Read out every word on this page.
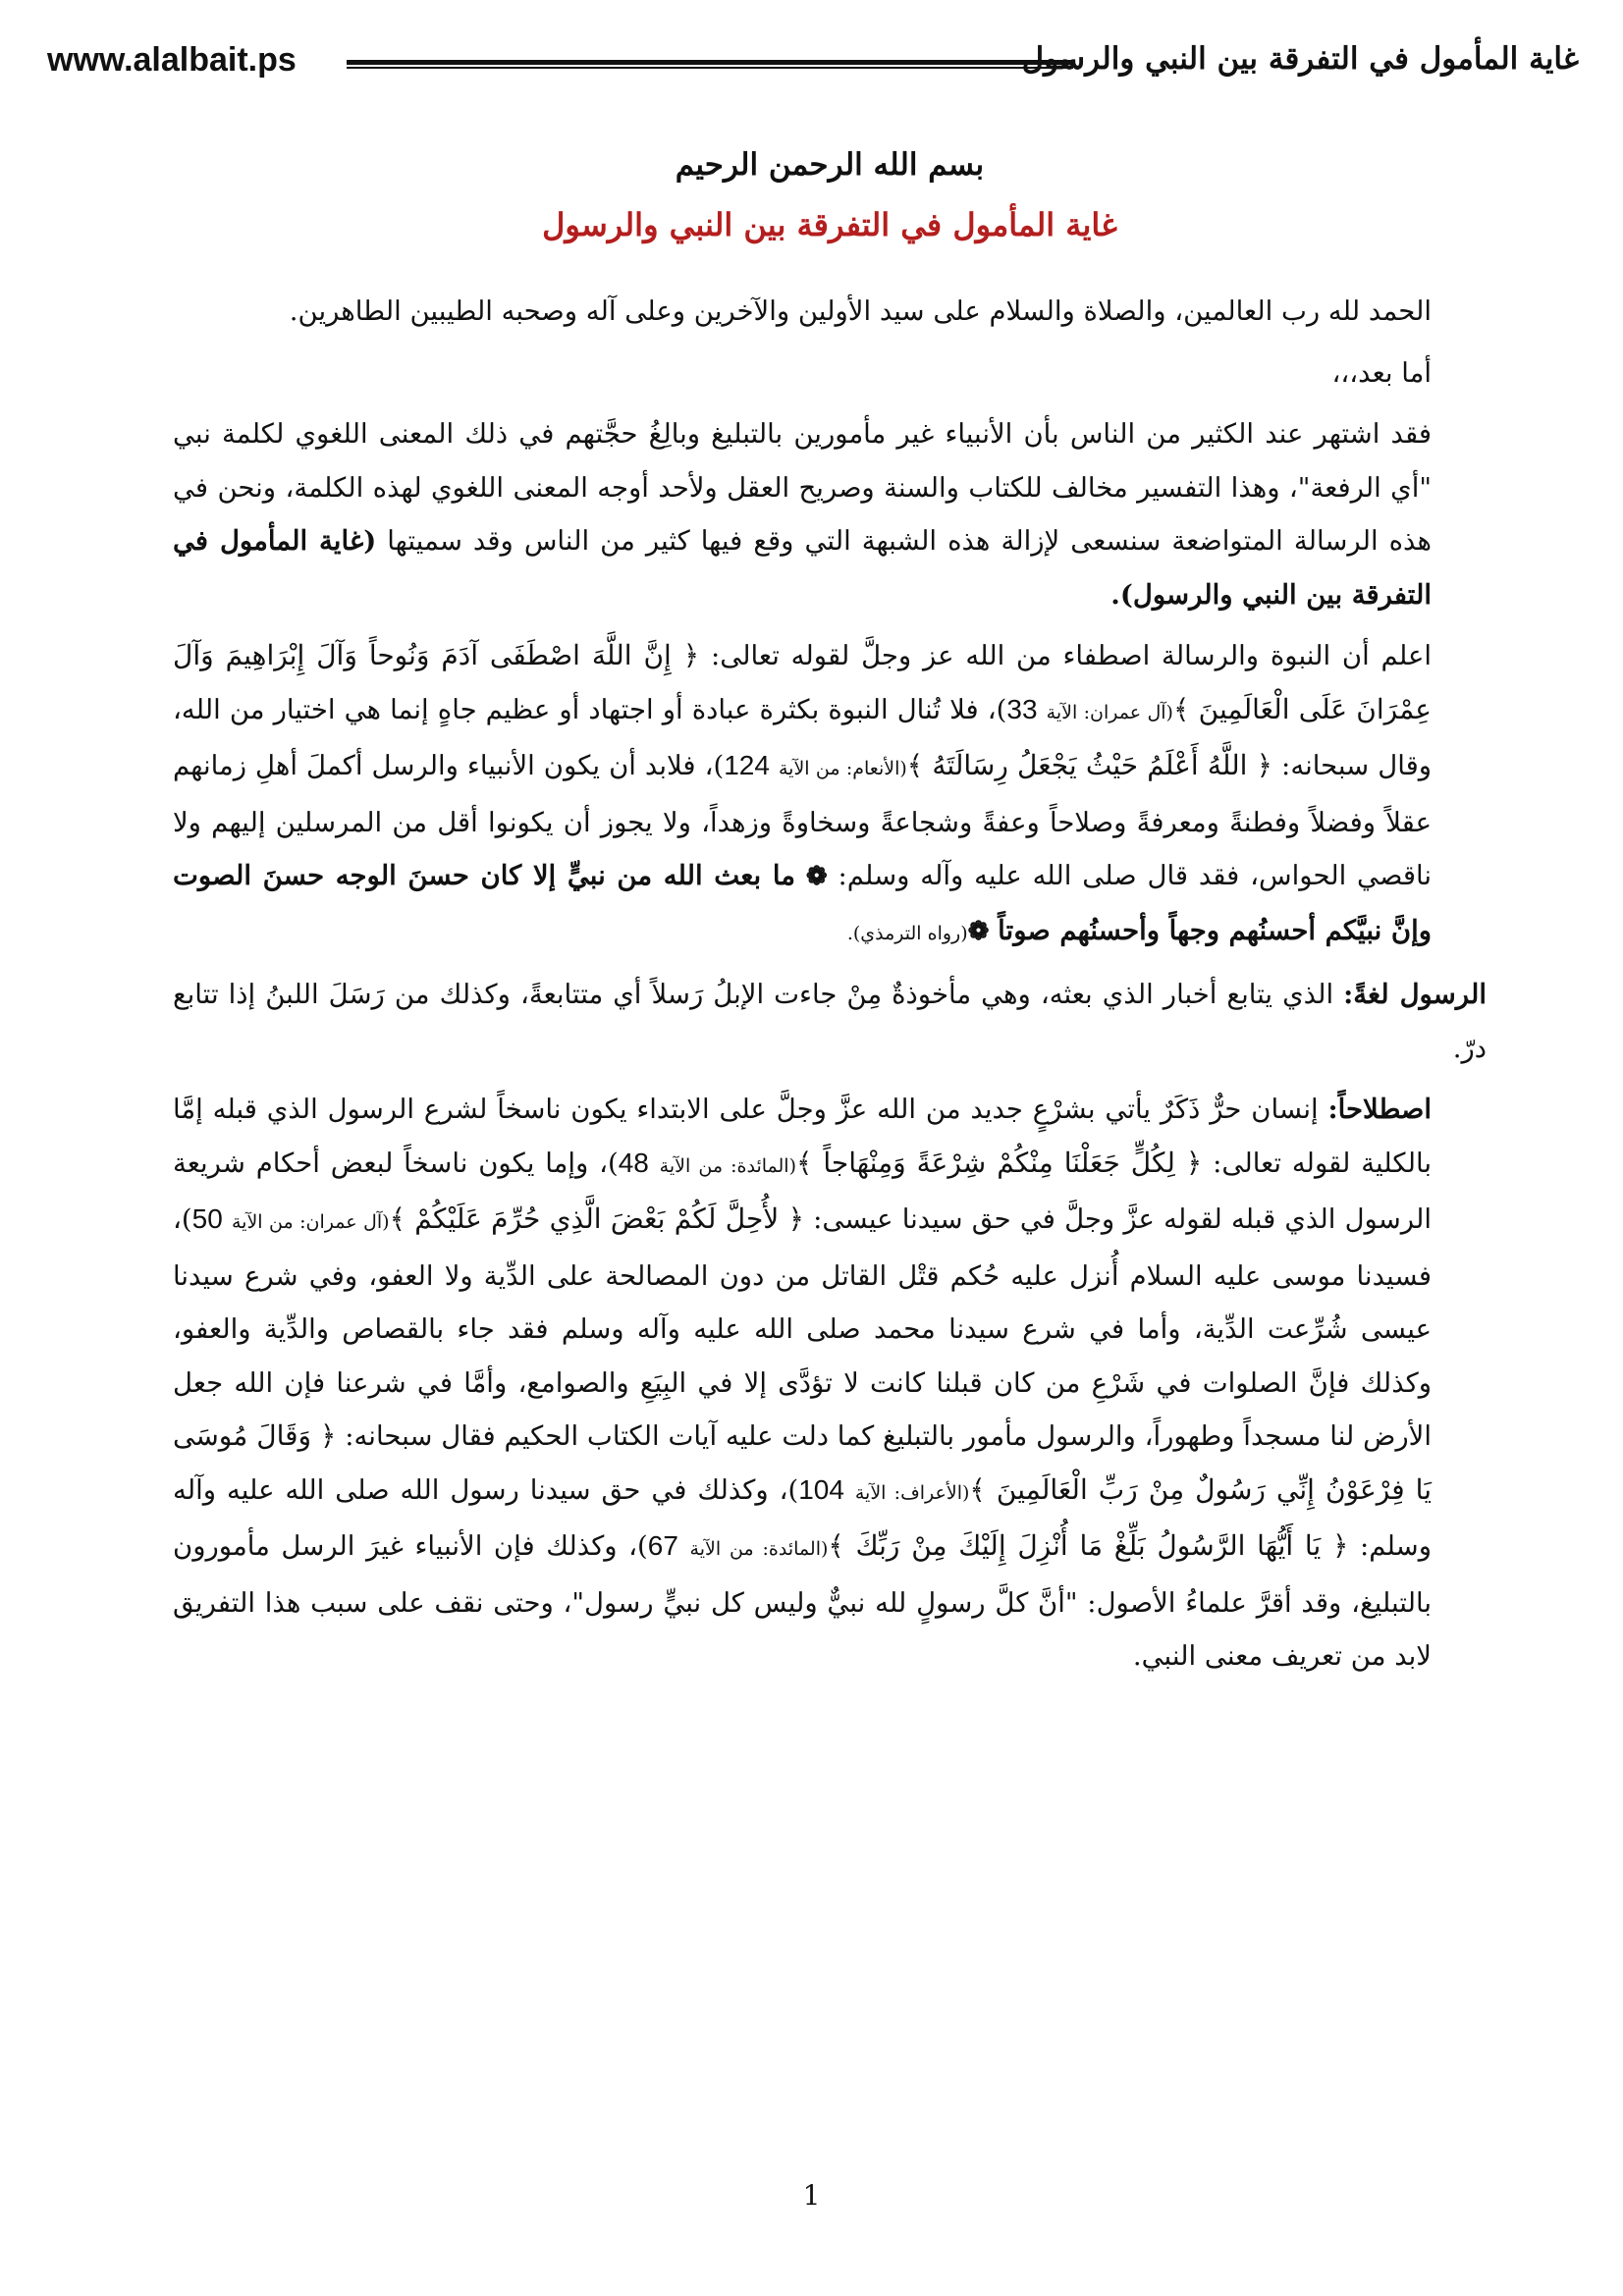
www.alalbait.ps	غاية المأمول في التفرقة بين النبي والرسول
بسم الله الرحمن الرحيم
غاية المأمول في التفرقة بين النبي والرسول

الحمد لله رب العالمين، والصلاة والسلام على سيد الأولين والآخرين وعلى آله وصحبه الطيبين الطاهرين.

أما بعد،،،

فقد اشتهر عند الكثير من الناس بأن الأنبياء غير مأمورين بالتبليغ وبالِغُ حجَّتهم في ذلك المعنى اللغوي لكلمة نبي "أي الرفعة"، وهذا التفسير مخالف للكتاب والسنة وصريح العقل ولأحد أوجه المعنى اللغوي لهذه الكلمة، ونحن في هذه الرسالة المتواضعة سنسعى لإزالة هذه الشبهة التي وقع فيها كثير من الناس وقد سميتها (غاية المأمول في التفرقة بين النبي والرسول).

اعلم أن النبوة والرسالة اصطفاء من الله عز وجلَّ لقوله تعالى: ﴿ إِنَّ اللَّهَ اصْطَفَى آدَمَ وَنُوحاً وَآلَ إِبْرَاهِيمَ وَآلَ عِمْرَانَ عَلَى الْعَالَمِينَ ﴾(آل عمران: الآية 33)، فلا تُنال النبوة بكثرة عبادة أو اجتهاد أو عظيم جاهٍ إنما هي اختيار من الله، وقال سبحانه: ﴿ اللَّهُ أَعْلَمُ حَيْثُ يَجْعَلُ رِسَالَتَهُ ﴾(الأنعام: من الآية 124)، فلابد أن يكون الأنبياء والرسل أكملَ أهلِ زمانهم عقلاً وفضلاً وفطنةً ومعرفةً وصلاحاً وعفةً وشجاعةً وسخاوةً وزهداً، ولا يجوز أن يكونوا أقل من المرسلين إليهم ولا ناقصي الحواس، فقد قال صلى الله عليه وآله وسلم: ❁ ما بعث الله من نبيٍّ إلا كان حسنَ الوجه حسنَ الصوت وإنَّ نبيَّكم أحسنُهم وجهاً وأحسنُهم صوتاً ❁(رواه الترمذي).

الرسول لغةً: الذي يتابع أخبار الذي بعثه، وهي مأخوذةٌ مِنْ جاءت الإبلُ رَسلاً أي متتابعةً، وكذلك من رَسَلَ اللبنُ إذا تتابع درّ.

اصطلاحاً: إنسان حرٌّ ذَكَرٌ يأتي بشرْعٍ جديد من الله عزَّ وجلَّ على الابتداء يكون ناسخاً لشرع الرسول الذي قبله إمَّا بالكلية لقوله تعالى: ﴿ لِكُلٍّ جَعَلْنَا مِنْكُمْ شِرْعَةً وَمِنْهَاجاً ﴾(المائدة: من الآية 48)، وإما يكون ناسخاً لبعض أحكام شريعة الرسول الذي قبله لقوله عزَّ وجلَّ في حق سيدنا عيسى: ﴿ لأُحِلَّ لَكُمْ بَعْضَ الَّذِي حُرِّمَ عَلَيْكُمْ ﴾(آل عمران: من الآية 50)، فسيدنا موسى عليه السلام أُنزل عليه حُكم قتْل القاتل من دون المصالحة على الدِّية ولا العفو، وفي شرع سيدنا عيسى شُرِّعت الدِّية، وأما في شرع سيدنا محمد صلى الله عليه وآله وسلم فقد جاء بالقصاص والدِّية والعفو، وكذلك فإنَّ الصلوات في شَرْعِ من كان قبلنا كانت لا تؤدَّى إلا في البِيَعِ والصوامع، وأمَّا في شرعنا فإن الله جعل الأرض لنا مسجداً وطهوراً، والرسول مأمور بالتبليغ كما دلت عليه آيات الكتاب الحكيم فقال سبحانه: ﴿ وَقَالَ مُوسَى يَا فِرْعَوْنُ إِنِّي رَسُولٌ مِنْ رَبِّ الْعَالَمِينَ ﴾(الأعراف: الآية 104)، وكذلك في حق سيدنا رسول الله صلى الله عليه وآله وسلم: ﴿ يَا أَيُّهَا الرَّسُولُ بَلِّغْ مَا أُنْزِلَ إِلَيْكَ مِنْ رَبِّكَ ﴾(المائدة: من الآية 67)، وكذلك فإن الأنبياء غيرَ الرسل مأمورون بالتبليغ، وقد أقرَّ علماءُ الأصول: "أنَّ كلَّ رسولٍ لله نبيٌّ وليس كل نبيٍّ رسول"، وحتى نقف على سبب هذا التفريق لابد من تعريف معنى النبي.

1
